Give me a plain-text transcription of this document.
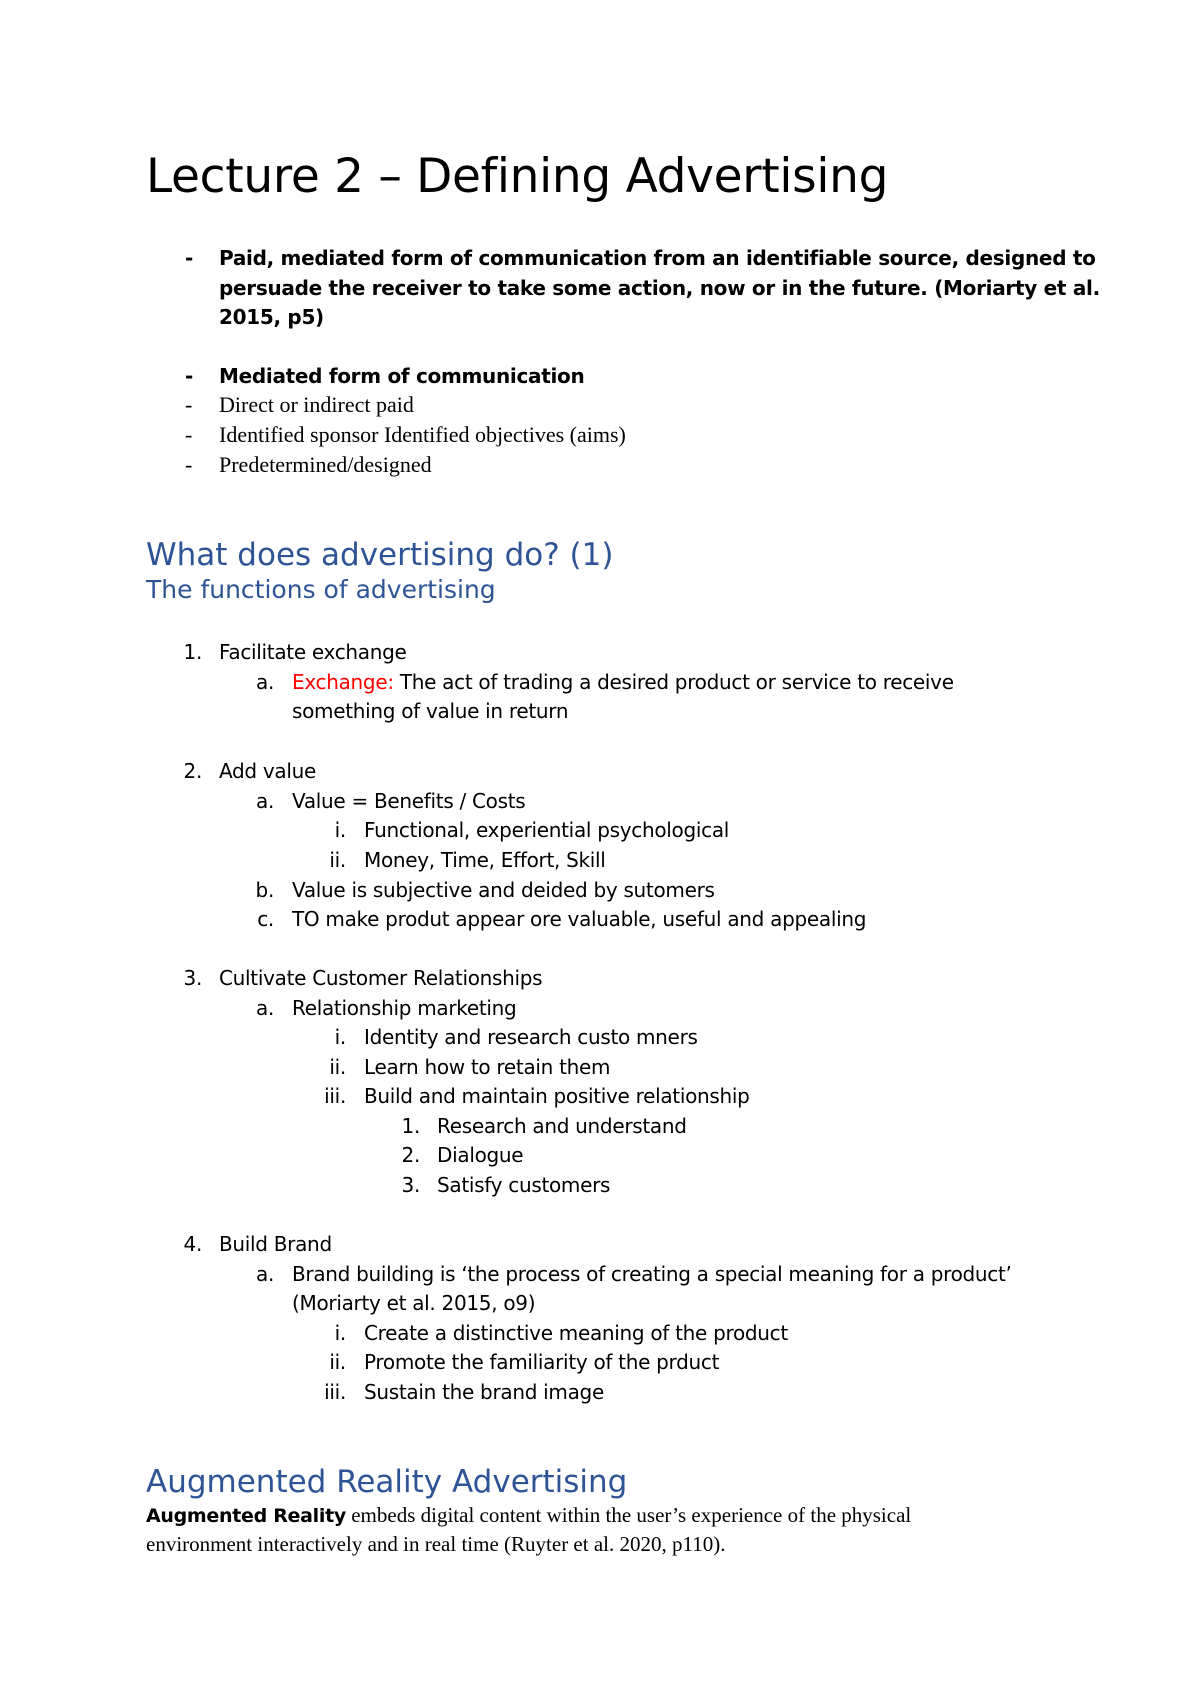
Lecture 2 – Defining Advertising
- Paid, mediated form of communication from an identifiable source, designed to
persuade the receiver to take some action, now or in the future. (Moriarty et al.
2015, p5)
- Mediated form of communication
- Direct or indirect paid
- Identified sponsor Identified objectives (aims)
- Predetermined/designed
What does advertising do? (1)
The functions of advertising
1. Facilitate exchange
a. Exchange: The act of trading a desired product or service to receive
something of value in return
2. Add value
a. Value = Benefits / Costs
i. Functional, experiential psychological
ii. Money, Time, Effort, Skill
b. Value is subjective and deided by sutomers
c. TO make produt appear ore valuable, useful and appealing
3. Cultivate Customer Relationships
a. Relationship marketing
i. Identity and research custo mners
ii. Learn how to retain them
iii. Build and maintain positive relationship
1. Research and understand
2. Dialogue
3. Satisfy customers
4. Build Brand
a. Brand building is ‘the process of creating a special meaning for a product’
(Moriarty et al. 2015, o9)
i. Create a distinctive meaning of the product
ii. Promote the familiarity of the prduct
iii. Sustain the brand image
Augmented Reality Advertising
Augmented Reality embeds digital content within the user’s experience of the physical
environment interactively and in real time (Ruyter et al. 2020, p110).
